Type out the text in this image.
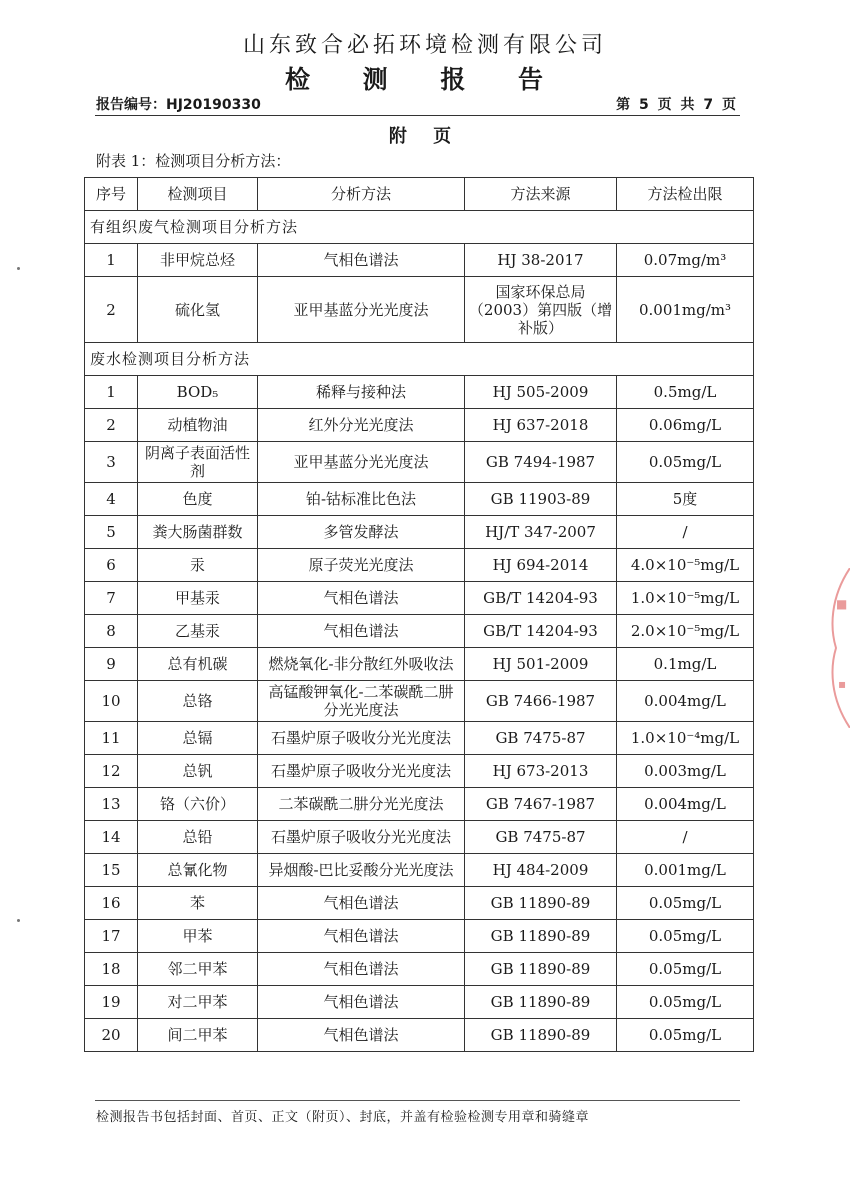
山东致合必拓环境检测有限公司
检 测 报 告
报告编号：HJ20190330	第 5 页 共 7 页
附 页
附表 1：检测项目分析方法：
序号	检测项目	分析方法	方法来源	方法检出限
有组织废气检测项目分析方法				
1	非甲烷总烃	气相色谱法	HJ 38-2017	0.07mg/m³
2	硫化氢	亚甲基蓝分光光度法	国家环保总局（2003）第四版（增补版）	0.001mg/m³
废水检测项目分析方法				
1	BOD₅	稀释与接种法	HJ 505-2009	0.5mg/L
2	动植物油	红外分光光度法	HJ 637-2018	0.06mg/L
3	阴离子表面活性剂	亚甲基蓝分光光度法	GB 7494-1987	0.05mg/L
4	色度	铂-钴标准比色法	GB 11903-89	5度
5	粪大肠菌群数	多管发酵法	HJ/T 347-2007	/
6	汞	原子荧光光度法	HJ 694-2014	4.0×10⁻⁵mg/L
7	甲基汞	气相色谱法	GB/T 14204-93	1.0×10⁻⁵mg/L
8	乙基汞	气相色谱法	GB/T 14204-93	2.0×10⁻⁵mg/L
9	总有机碳	燃烧氧化-非分散红外吸收法	HJ 501-2009	0.1mg/L
10	总铬	高锰酸钾氧化-二苯碳酰二肼分光光度法	GB 7466-1987	0.004mg/L
11	总镉	石墨炉原子吸收分光光度法	GB 7475-87	1.0×10⁻⁴mg/L
12	总钒	石墨炉原子吸收分光光度法	HJ 673-2013	0.003mg/L
13	铬（六价）	二苯碳酰二肼分光光度法	GB 7467-1987	0.004mg/L
14	总铅	石墨炉原子吸收分光光度法	GB 7475-87	/
15	总氰化物	异烟酸-巴比妥酸分光光度法	HJ 484-2009	0.001mg/L
16	苯	气相色谱法	GB 11890-89	0.05mg/L
17	甲苯	气相色谱法	GB 11890-89	0.05mg/L
18	邻二甲苯	气相色谱法	GB 11890-89	0.05mg/L
19	对二甲苯	气相色谱法	GB 11890-89	0.05mg/L
20	间二甲苯	气相色谱法	GB 11890-89	0.05mg/L
■
▪
检测报告书包括封面、首页、正文（附页）、封底，并盖有检验检测专用章和骑缝章
